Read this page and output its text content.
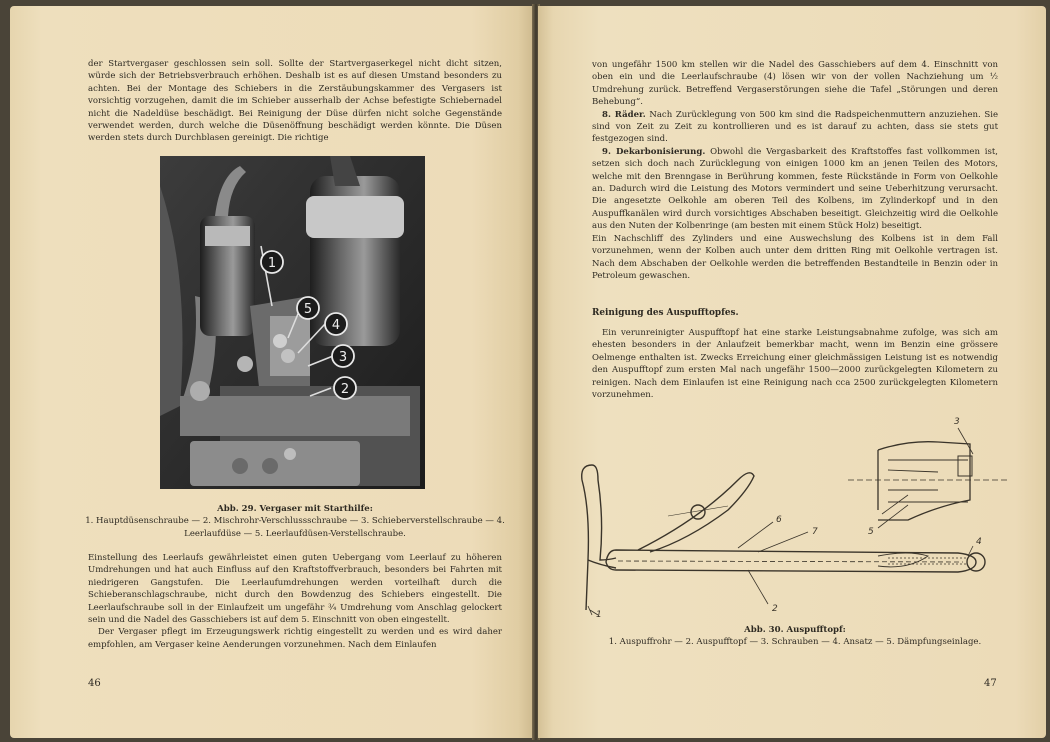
der Startvergaser geschlossen sein soll. Sollte der Startvergaserkegel nicht dicht sitzen, würde sich der Betriebsverbrauch erhöhen. Deshalb ist es auf diesen Umstand besonders zu achten. Bei der Montage des Schiebers in die Zerstäubungskammer des Vergasers ist vorsichtig vorzugehen, damit die im Schieber ausserhalb der Achse befestigte Schiebernadel nicht die Nadeldüse beschädigt. Bei Reinigung der Düse dürfen nicht solche Gegenstände verwendet werden, durch welche die Düsenöffnung beschädigt werden könnte. Die Düsen werden stets durch Durchblasen gereinigt. Die richtige

1
5
4
3
2
Abb. 29. Vergaser mit Starthilfe:
1. Hauptdüsenschraube — 2. Mischrohr-Verschlussschraube — 3. Schieberverstellschraube — 4. Leerlaufdüse — 5. Leerlaufdüsen-Verstellschraube.

Einstellung des Leerlaufs gewährleistet einen guten Uebergang vom Leerlauf zu höheren Umdrehungen und hat auch Einfluss auf den Kraftstoffverbrauch, besonders bei Fahrten mit niedrigeren Gangstufen. Die Leerlaufumdrehungen werden vorteilhaft durch die Schieberanschlagschraube, nicht durch den Bowdenzug des Schiebers eingestellt. Die Leerlaufschraube soll in der Einlaufzeit um ungefähr ¾ Umdrehung vom Anschlag gelockert sein und die Nadel des Gasschiebers ist auf dem 5. Einschnitt von oben eingestellt.

Der Vergaser pflegt im Erzeugungswerk richtig eingestellt zu werden und es wird daher empfohlen, am Vergaser keine Aenderungen vorzunehmen. Nach dem Einlaufen

46

von ungefähr 1500 km stellen wir die Nadel des Gasschiebers auf dem 4. Einschnitt von oben ein und die Leerlaufschraube (4) lösen wir von der vollen Nachziehung um ½ Umdrehung zurück. Betreffend Vergaserstörungen siehe die Tafel „Störungen und deren Behebung“.

8. Räder. Nach Zurücklegung von 500 km sind die Radspeichenmuttern anzuziehen. Sie sind von Zeit zu Zeit zu kontrollieren und es ist darauf zu achten, dass sie stets gut festgezogen sind.

9. Dekarbonisierung. Obwohl die Vergasbarkeit des Kraftstoffes fast vollkommen ist, setzen sich doch nach Zurücklegung von einigen 1000 km an jenen Teilen des Motors, welche mit den Brenngase in Berührung kommen, feste Rückstände in Form von Oelkohle an. Dadurch wird die Leistung des Motors vermindert und seine Ueberhitzung verursacht. Die angesetzte Oelkohle am oberen Teil des Kolbens, im Zylinderkopf und in den Auspuffkanälen wird durch vorsichtiges Abschaben beseitigt. Gleichzeitig wird die Oelkohle aus den Nuten der Kolbenringe (am besten mit einem Stück Holz) beseitigt.

Ein Nachschliff des Zylinders und eine Auswechslung des Kolbens ist in dem Fall vorzunehmen, wenn der Kolben auch unter dem dritten Ring mit Oelkohle vertragen ist. Nach dem Abschaben der Oelkohle werden die betreffenden Bestandteile in Benzin oder in Petroleum gewaschen.

Reinigung des Auspufftopfes.

Ein verunreinigter Auspufftopf hat eine starke Leistungsabnahme zufolge, was sich am ehesten besonders in der Anlaufzeit bemerkbar macht, wenn im Benzin eine grössere Oelmenge enthalten ist. Zwecks Erreichung einer gleichmässigen Leistung ist es notwendig den Auspufftopf zum ersten Mal nach ungefähr 1500—2000 zurückgelegten Kilometern zu reinigen. Nach dem Einlaufen ist eine Reinigung nach cca 2500 zurückgelegten Kilometern vorzunehmen.

1
2
3
4
5
6
7
Abb. 30. Auspufftopf:
1. Auspuffrohr — 2. Auspufftopf — 3. Schrauben — 4. Ansatz — 5. Dämpfungseinlage.
47
